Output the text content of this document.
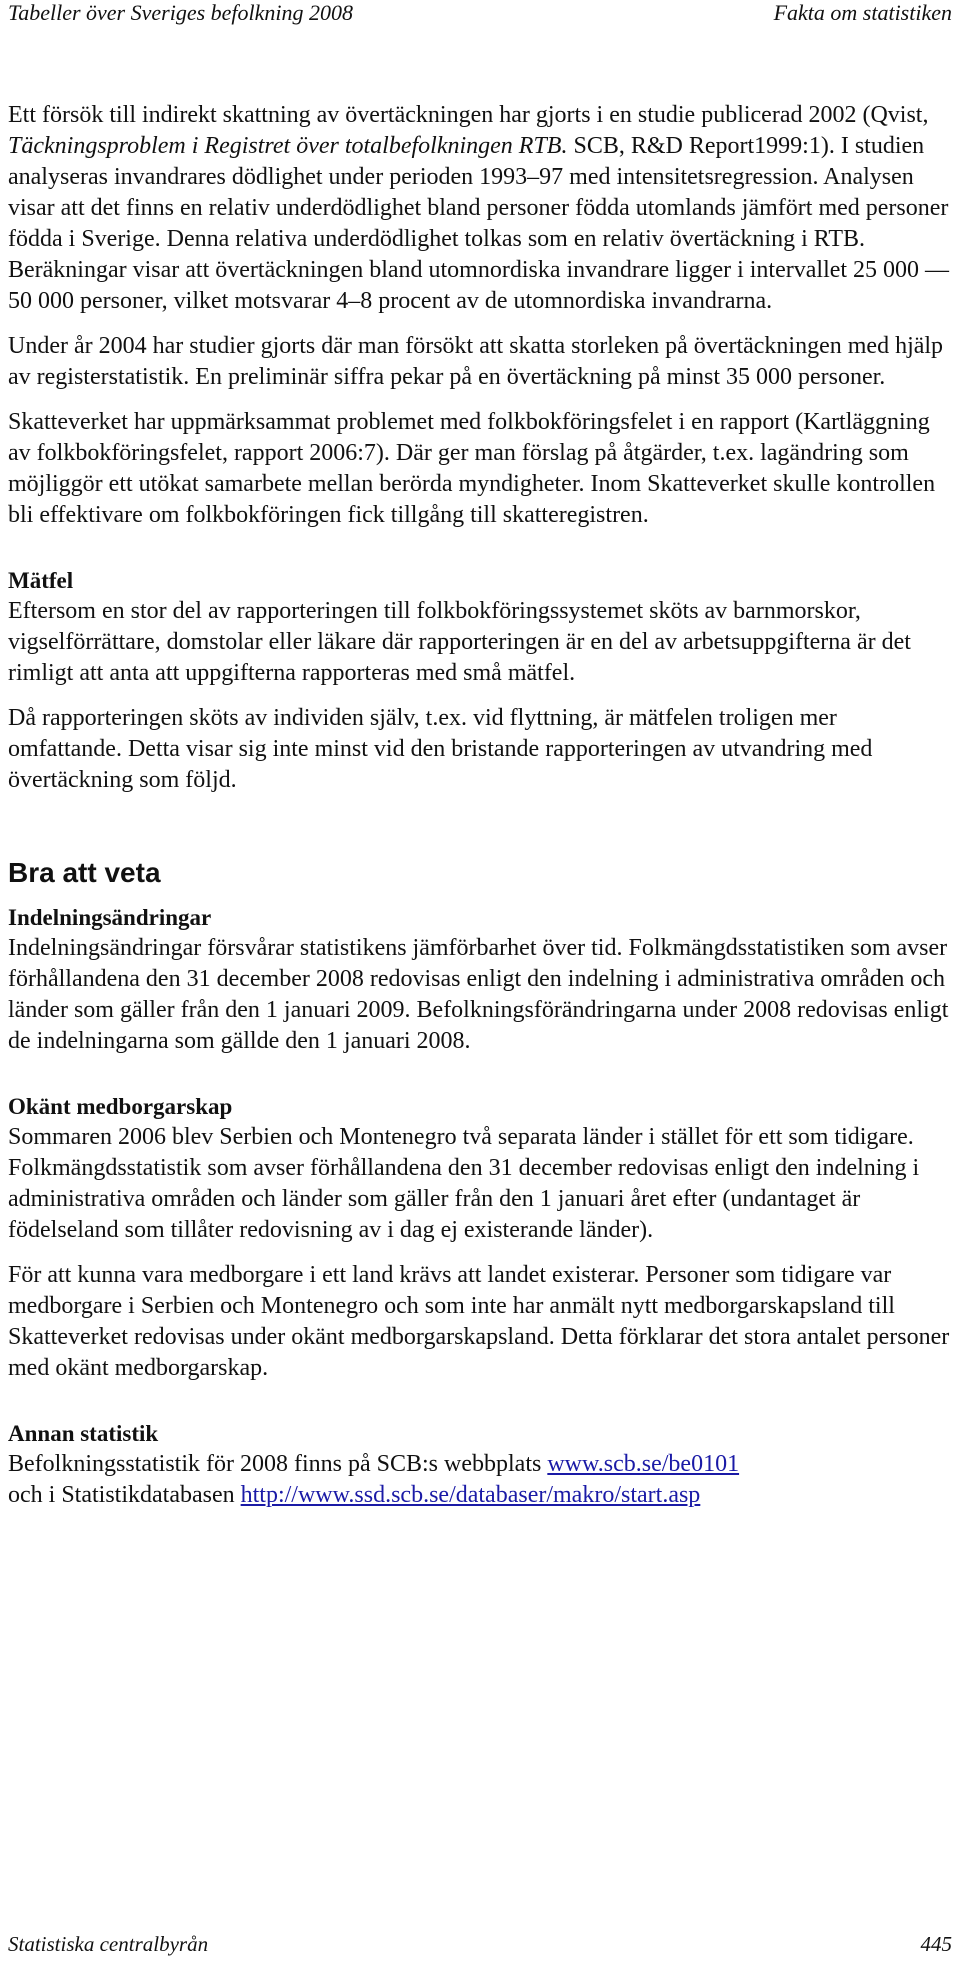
Tabeller över Sveriges befolkning 2008	Fakta om statistiken

Ett försök till indirekt skattning av övertäckningen har gjorts i en studie publicerad 2002 (Qvist, Täckningsproblem i Registret över totalbefolkningen RTB. SCB, R&D Report1999:1). I studien analyseras invandrares dödlighet under perioden 1993–97 med intensitetsregression. Analysen visar att det finns en relativ underdödlighet bland personer födda utomlands jämfört med personer födda i Sverige. Denna relativa underdödlighet tolkas som en relativ övertäckning i RTB. Beräkningar visar att övertäckningen bland utomnordiska invandrare ligger i intervallet 25 000 — 50 000 personer, vilket motsvarar 4–8 procent av de utomnordiska invandrarna.

Under år 2004 har studier gjorts där man försökt att skatta storleken på övertäckningen med hjälp av registerstatistik. En preliminär siffra pekar på en övertäckning på minst 35 000 personer.

Skatteverket har uppmärksammat problemet med folkbokföringsfelet i en rapport (Kartläggning av folkbokföringsfelet, rapport 2006:7). Där ger man förslag på åtgärder, t.ex. lagändring som möjliggör ett utökat samarbete mellan berörda myndigheter. Inom Skatteverket skulle kontrollen bli effektivare om folkbokföringen fick tillgång till skatteregistren.

Mätfel

Eftersom en stor del av rapporteringen till folkbokföringssystemet sköts av barnmorskor, vigselförrättare, domstolar eller läkare där rapporteringen är en del av arbetsuppgifterna är det rimligt att anta att uppgifterna rapporteras med små mätfel.

Då rapporteringen sköts av individen själv, t.ex. vid flyttning, är mätfelen troligen mer omfattande. Detta visar sig inte minst vid den bristande rapporteringen av utvandring med övertäckning som följd.

Bra att veta
Indelningsändringar

Indelningsändringar försvårar statistikens jämförbarhet över tid. Folkmängdsstatistiken som avser förhållandena den 31 december 2008 redovisas enligt den indelning i administrativa områden och länder som gäller från den 1 januari 2009. Befolkningsförändringarna under 2008 redovisas enligt de indelningarna som gällde den 1 januari 2008.

Okänt medborgarskap

Sommaren 2006 blev Serbien och Montenegro två separata länder i stället för ett som tidigare. Folkmängdsstatistik som avser förhållandena den 31 december redovisas enligt den indelning i administrativa områden och länder som gäller från den 1 januari året efter (undantaget är födelseland som tillåter redovisning av i dag ej existerande länder).

För att kunna vara medborgare i ett land krävs att landet existerar. Personer som tidigare var medborgare i Serbien och Montenegro och som inte har anmält nytt medborgarskapsland till Skatteverket redovisas under okänt medborgarskapsland. Detta förklarar det stora antalet personer med okänt medborgarskap.

Annan statistik

Befolkningsstatistik för 2008 finns på SCB:s webbplats www.scb.se/be0101
och i Statistikdatabasen http://www.ssd.scb.se/databaser/makro/start.asp

Statistiska centralbyrån	445
